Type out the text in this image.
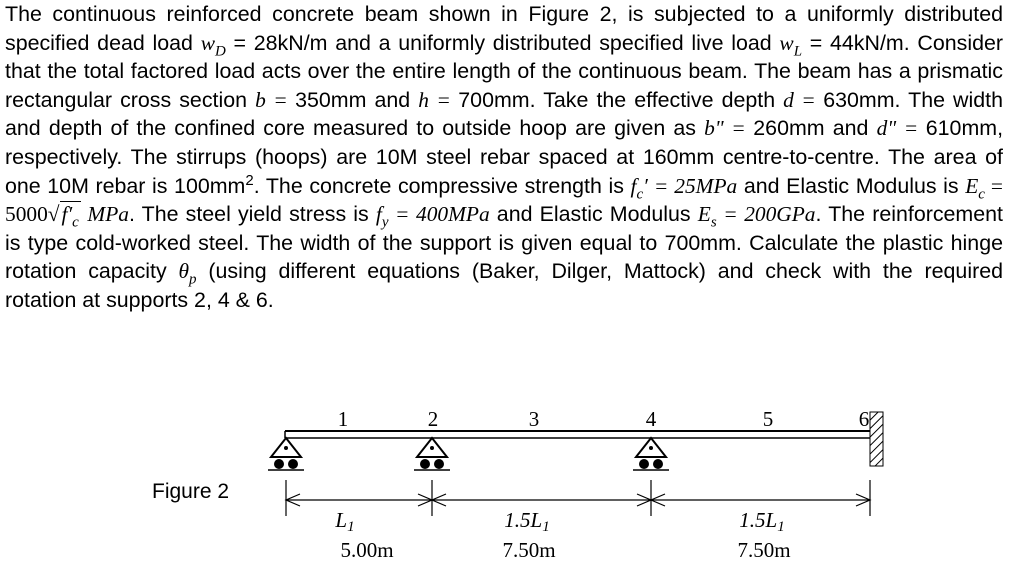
The continuous reinforced concrete beam shown in Figure 2, is subjected to a uniformly distributed specified dead load $w_D = 28kN/m$ and a uniformly distributed specified live load $w_L = 44kN/m$. Consider that the total factored load acts over the entire length of the continuous beam. The beam has a prismatic rectangular cross section b = 350mm and h = 700mm. Take the effective depth d = 630mm. The width and depth of the confined core measured to outside hoop are given as b" = 260mm and d" = 610mm, respectively. The stirrups (hoops) are 10M steel rebar spaced at 160mm centre-to-centre. The area of one 10M rebar is $100mm^2$. The concrete compressive strength is $f_c' = 25MPa$ and Elastic Modulus is $E_c = 5000√f'_c$ MPa. The steel yield stress is $f_y = 400MPa$ and Elastic Modulus $E_s = 200GPa$. The reinforcement is type cold-worked steel. The width of the support is given equal to 700mm. Calculate the plastic hinge rotation capacity $\theta_p$ (using different equations (Baker, Dilger, Mattock) and check with the required rotation at supports 2, 4 & 6.

1	2	3	4	5	6
Figure 2
L1
5.00m
1.5L1
7.50m
1.5L1
7.50m
